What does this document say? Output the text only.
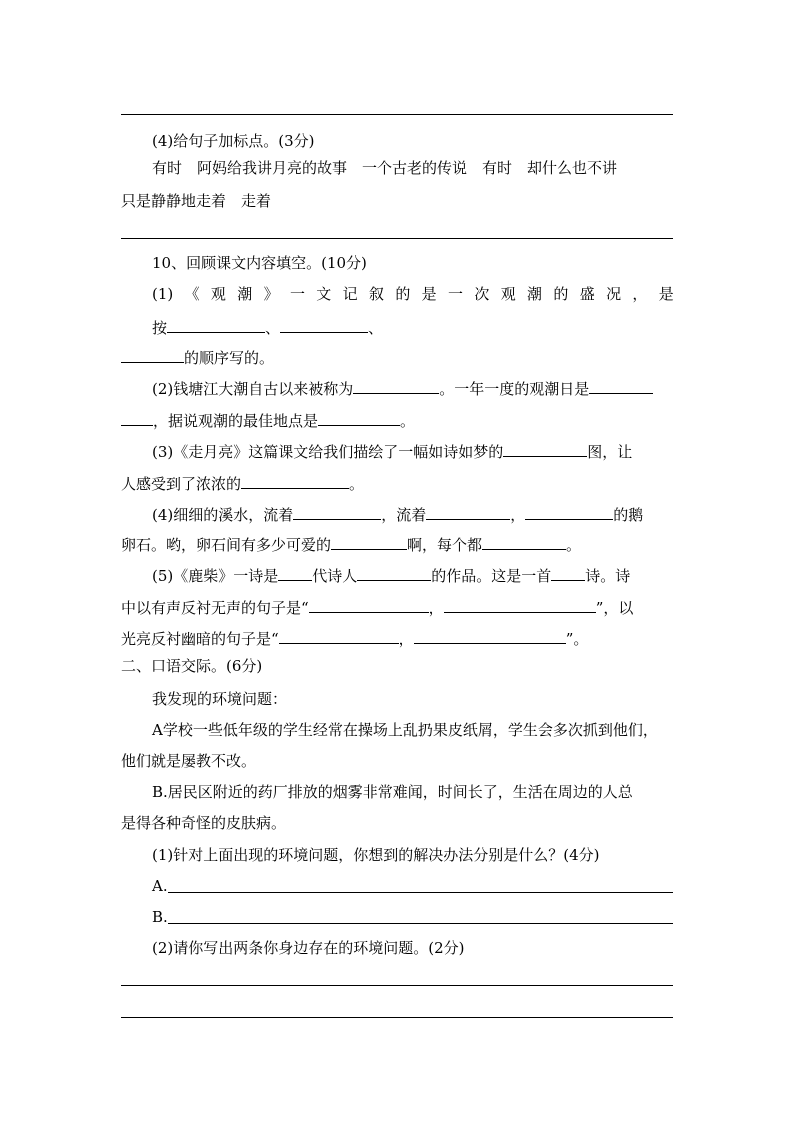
(4)给句子加标点。(3分)
有时　阿妈给我讲月亮的故事　一个古老的传说　有时　却什么也不讲
只是静静地走着　走着
10、回顾课文内容填空。(10分)
(1) 《 观 潮 》 一 文 记 叙 的 是 一 次 观 潮 的 盛 况 ， 是
按	、	、
的顺序写的。
(2)钱塘江大潮自古以来被称为	。一年一度的观潮日是
，据说观潮的最佳地点是	。
(3)《走月亮》这篇课文给我们描绘了一幅如诗如梦的	图，让
人感受到了浓浓的	。
(4)细细的溪水，流着	，流着	，	的鹅
卵石。哟，卵石间有多少可爱的	啊，每个都	。
(5)《鹿柴》一诗是 代诗人	的作品。这是一首 诗。诗
中以有声反衬无声的句子是“	，	”，以
光亮反衬幽暗的句子是“	，	”。
二、口语交际。(6分)
我发现的环境问题：
A学校一些低年级的学生经常在操场上乱扔果皮纸屑，学生会多次抓到他们，
他们就是屡教不改。
B.居民区附近的药厂排放的烟雾非常难闻，时间长了，生活在周边的人总
是得各种奇怪的皮肤病。
(1)针对上面出现的环境问题，你想到的解决办法分别是什么？(4分)
A.
B.
(2)请你写出两条你身边存在的环境问题。(2分)
